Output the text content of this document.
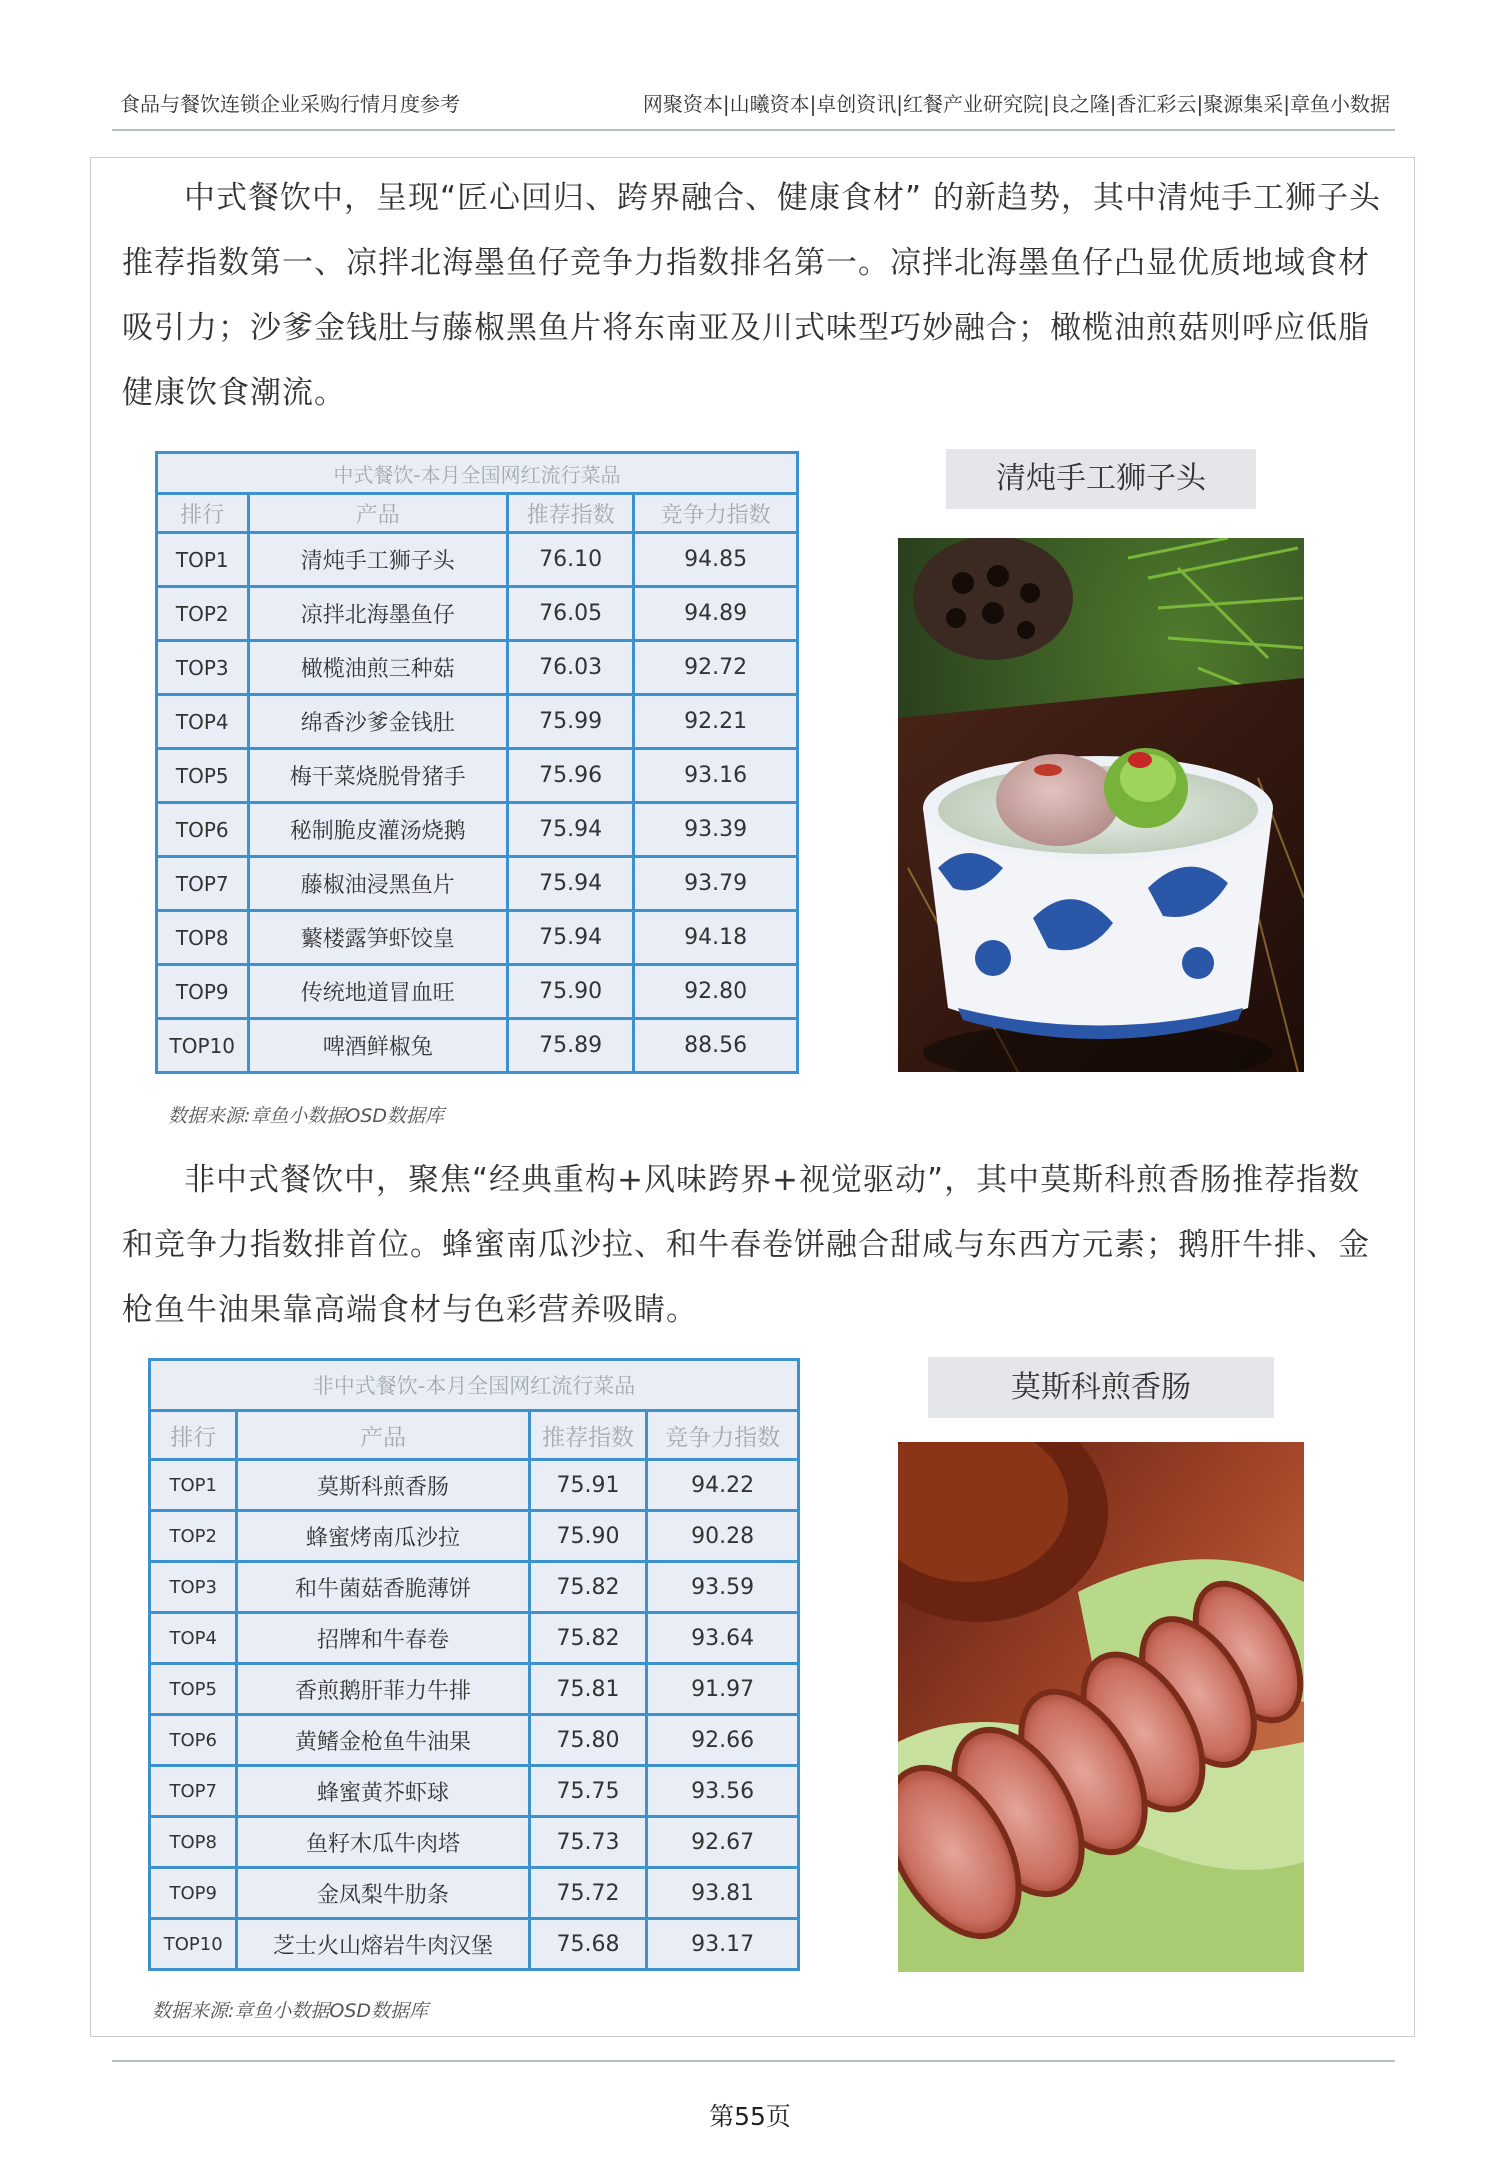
食品与餐饮连锁企业采购行情月度参考	网聚资本|山曦资本|卓创资讯|红餐产业研究院|良之隆|香汇彩云|聚源集采|章鱼小数据

中式餐饮中，呈现“匠心回归、跨界融合、健康食材” 的新趋势，其中清炖手工狮子头推荐指数第一、凉拌北海墨鱼仔竞争力指数排名第一。凉拌北海墨鱼仔凸显优质地域食材吸引力；沙爹金钱肚与藤椒黑鱼片将东南亚及川式味型巧妙融合；橄榄油煎菇则呼应低脂健康饮食潮流。

中式餐饮-本月全国网红流行菜品			
排行	产品	推荐指数	竞争力指数
TOP1	清炖手工狮子头	76.10	94.85
TOP2	凉拌北海墨鱼仔	76.05	94.89
TOP3	橄榄油煎三种菇	76.03	92.72
TOP4	绵香沙爹金钱肚	75.99	92.21
TOP5	梅干菜烧脱骨猪手	75.96	93.16
TOP6	秘制脆皮灌汤烧鹅	75.94	93.39
TOP7	藤椒油浸黑鱼片	75.94	93.79
TOP8	蘩楼露笋虾饺皇	75.94	94.18
TOP9	传统地道冒血旺	75.90	92.80
TOP10	啤酒鲜椒兔	75.89	88.56
数据来源:章鱼小数据OSD数据库
清炖手工狮子头

非中式餐饮中，聚焦“经典重构+风味跨界+视觉驱动”，其中莫斯科煎香肠推荐指数和竞争力指数排首位。蜂蜜南瓜沙拉、和牛春卷饼融合甜咸与东西方元素；鹅肝牛排、金枪鱼牛油果靠高端食材与色彩营养吸睛。

非中式餐饮-本月全国网红流行菜品			
排行	产品	推荐指数	竞争力指数
TOP1	莫斯科煎香肠	75.91	94.22
TOP2	蜂蜜烤南瓜沙拉	75.90	90.28
TOP3	和牛菌菇香脆薄饼	75.82	93.59
TOP4	招牌和牛春卷	75.82	93.64
TOP5	香煎鹅肝菲力牛排	75.81	91.97
TOP6	黄鳍金枪鱼牛油果	75.80	92.66
TOP7	蜂蜜黄芥虾球	75.75	93.56
TOP8	鱼籽木瓜牛肉塔	75.73	92.67
TOP9	金凤梨牛肋条	75.72	93.81
TOP10	芝士火山熔岩牛肉汉堡	75.68	93.17
数据来源:章鱼小数据OSD数据库
莫斯科煎香肠
第55页
